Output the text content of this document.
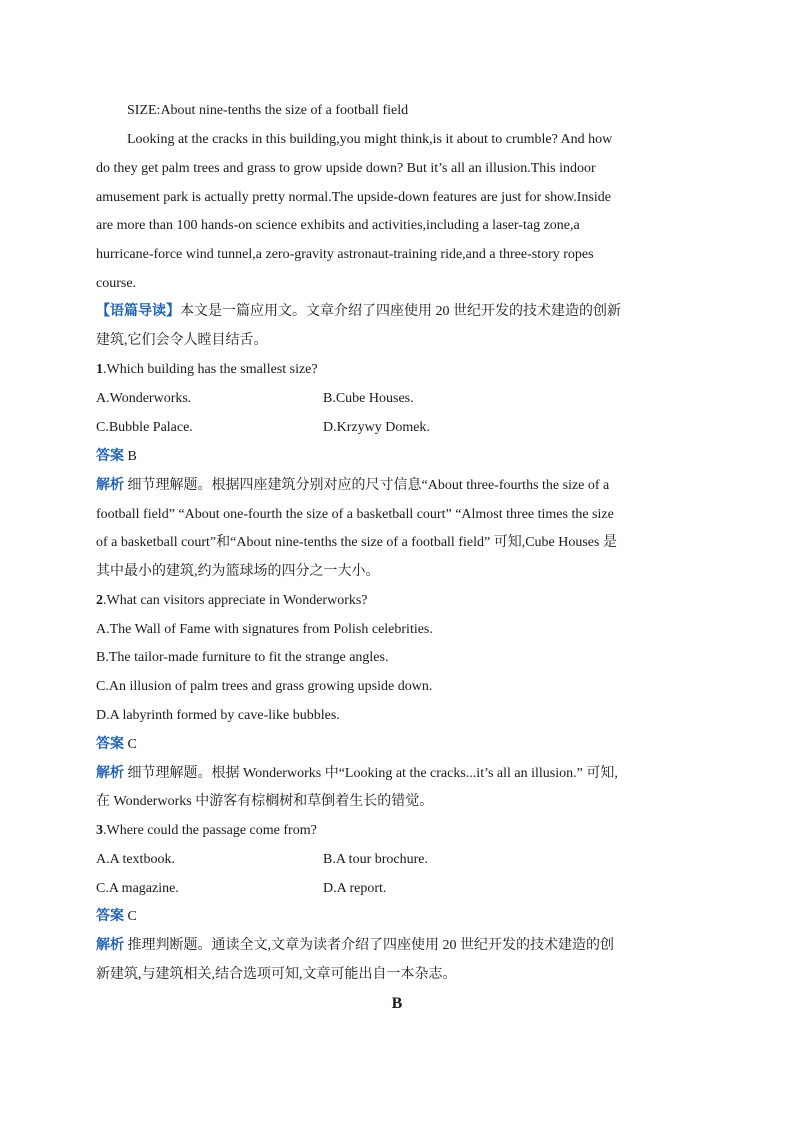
SIZE:About nine-tenths the size of a football field
Looking at the cracks in this building,you might think,is it about to crumble? And how
do they get palm trees and grass to grow upside down? But it’s all an illusion.This indoor
amusement park is actually pretty normal.The upside-down features are just for show.Inside
are more than 100 hands-on science exhibits and activities,including a laser-tag zone,a
hurricane-force wind tunnel,a zero-gravity astronaut-training ride,and a three-story ropes
course.
【语篇导读】本文是一篇应用文。文章介绍了四座使用 20 世纪开发的技术建造的创新
建筑,它们会令人瞠目结舌。
1.Which building has the smallest size?
A.Wonderworks.	B.Cube Houses.
C.Bubble Palace.	D.Krzywy Domek.
答案 B
解析 细节理解题。根据四座建筑分别对应的尺寸信息“About three-fourths the size of a
football field” “About one-fourth the size of a basketball court” “Almost three times the size
of a basketball court”和“About nine-tenths the size of a football field” 可知,Cube Houses 是
其中最小的建筑,约为篮球场的四分之一大小。
2.What can visitors appreciate in Wonderworks?
A.The Wall of Fame with signatures from Polish celebrities.
B.The tailor-made furniture to fit the strange angles.
C.An illusion of palm trees and grass growing upside down.
D.A labyrinth formed by cave-like bubbles.
答案 C
解析 细节理解题。根据 Wonderworks 中“Looking at the cracks...it’s all an illusion.” 可知,
在 Wonderworks 中游客有棕榈树和草倒着生长的错觉。
3.Where could the passage come from?
A.A textbook.	B.A tour brochure.
C.A magazine.	D.A report.
答案 C
解析 推理判断题。通读全文,文章为读者介绍了四座使用 20 世纪开发的技术建造的创
新建筑,与建筑相关,结合选项可知,文章可能出自一本杂志。
B
